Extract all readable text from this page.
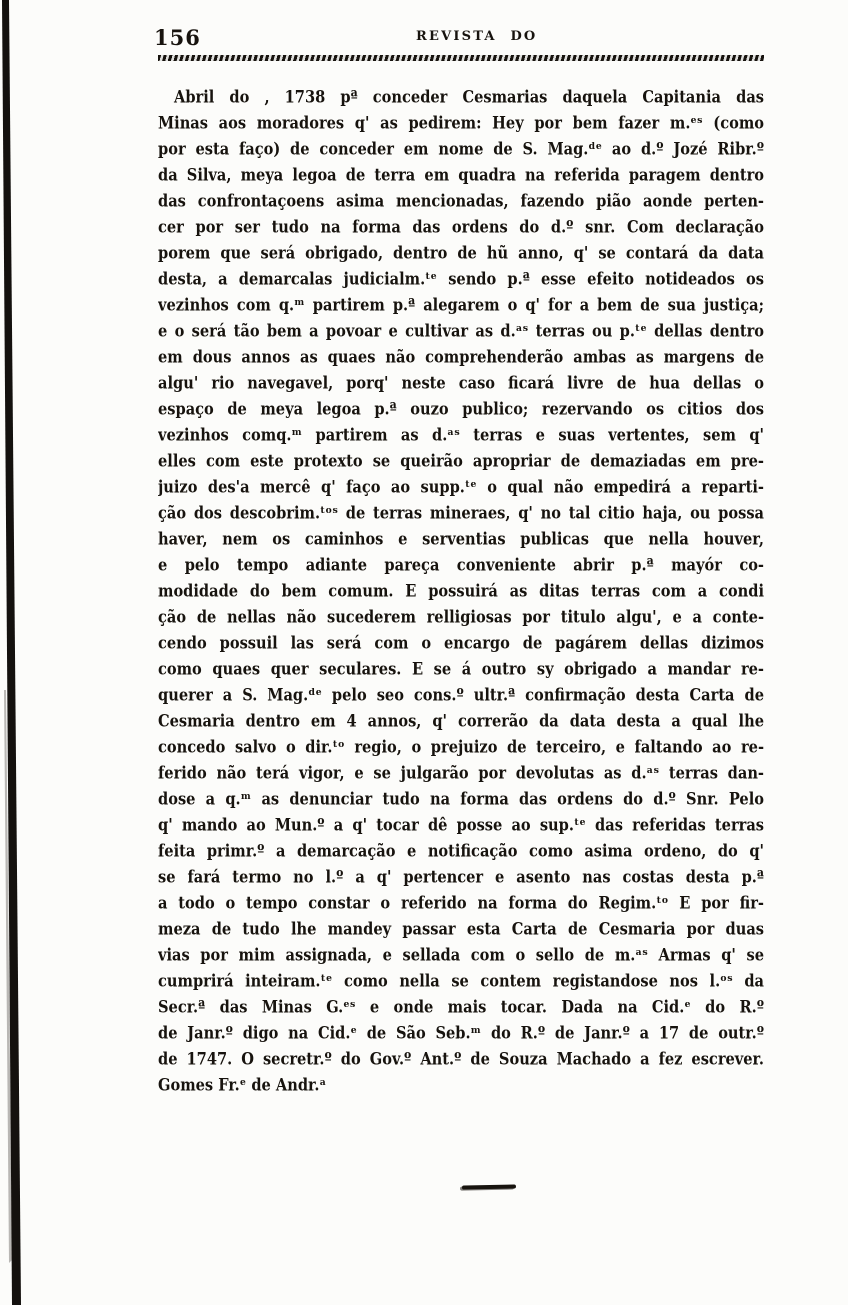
156	REVISTA DO
Abril do , 1738 pª conceder Cesmarias daquela Capitania das
Minas aos moradores q' as pedirem: Hey por bem fazer m.ᵉˢ (como
por esta faço) de conceder em nome de S. Mag.ᵈᵉ ao d.º Jozé Ribr.º
da Silva, meya legoa de terra em quadra na referida paragem dentro
das confrontaçoens asima mencionadas, fazendo pião aonde perten-
cer por ser tudo na forma das ordens do d.º snr. Com declaração
porem que será obrigado, dentro de hũ anno, q' se contará da data
desta, a demarcalas judicialm.ᵗᵉ sendo p.ª esse efeito notideados os
vezinhos com q.ᵐ partirem p.ª alegarem o q' for a bem de sua justiça;
e o será tão bem a povoar e cultivar as d.ᵃˢ terras ou p.ᵗᵉ dellas dentro
em dous annos as quaes não comprehenderão ambas as margens de
algu' rio navegavel, porq' neste caso ficará livre de hua dellas o
espaço de meya legoa p.ª ouzo publico; rezervando os citios dos
vezinhos comq.ᵐ partirem as d.ᵃˢ terras e suas vertentes, sem q'
elles com este protexto se queirão apropriar de demaziadas em pre-
juizo des'a mercê q' faço ao supp.ᵗᵉ o qual não empedirá a reparti-
ção dos descobrim.ᵗᵒˢ de terras mineraes, q' no tal citio haja, ou possa
haver, nem os caminhos e serventias publicas que nella houver,
e pelo tempo adiante pareça conveniente abrir p.ª mayór co-
modidade do bem comum. E possuirá as ditas terras com a condi
ção de nellas não sucederem relligiosas por titulo algu', e a conte-
cendo possuil las será com o encargo de pagárem dellas dizimos
como quaes quer seculares. E se á outro sy obrigado a mandar re-
querer a S. Mag.ᵈᵉ pelo seo cons.º ultr.ª confirmação desta Carta de
Cesmaria dentro em 4 annos, q' correrão da data desta a qual lhe
concedo salvo o dir.ᵗᵒ regio, o prejuizo de terceiro, e faltando ao re-
ferido não terá vigor, e se julgarão por devolutas as d.ᵃˢ terras dan-
dose a q.ᵐ as denunciar tudo na forma das ordens do d.º Snr. Pelo
q' mando ao Mun.º a q' tocar dê posse ao sup.ᵗᵉ das referidas terras
feita primr.º a demarcação e notificação como asima ordeno, do q'
se fará termo no l.º a q' pertencer e asento nas costas desta p.ª
a todo o tempo constar o referido na forma do Regim.ᵗᵒ E por fir-
meza de tudo lhe mandey passar esta Carta de Cesmaria por duas
vias por mim assignada, e sellada com o sello de m.ᵃˢ Armas q' se
cumprirá inteiram.ᵗᵉ como nella se contem registandose nos l.ᵒˢ da
Secr.ª das Minas G.ᵉˢ e onde mais tocar. Dada na Cid.ᵉ do R.º
de Janr.º digo na Cid.ᵉ de São Seb.ᵐ do R.º de Janr.º a 17 de outr.º
de 1747. O secretr.º do Gov.º Ant.º de Souza Machado a fez escrever.
Gomes Fr.ᵉ de Andr.ᵃ
